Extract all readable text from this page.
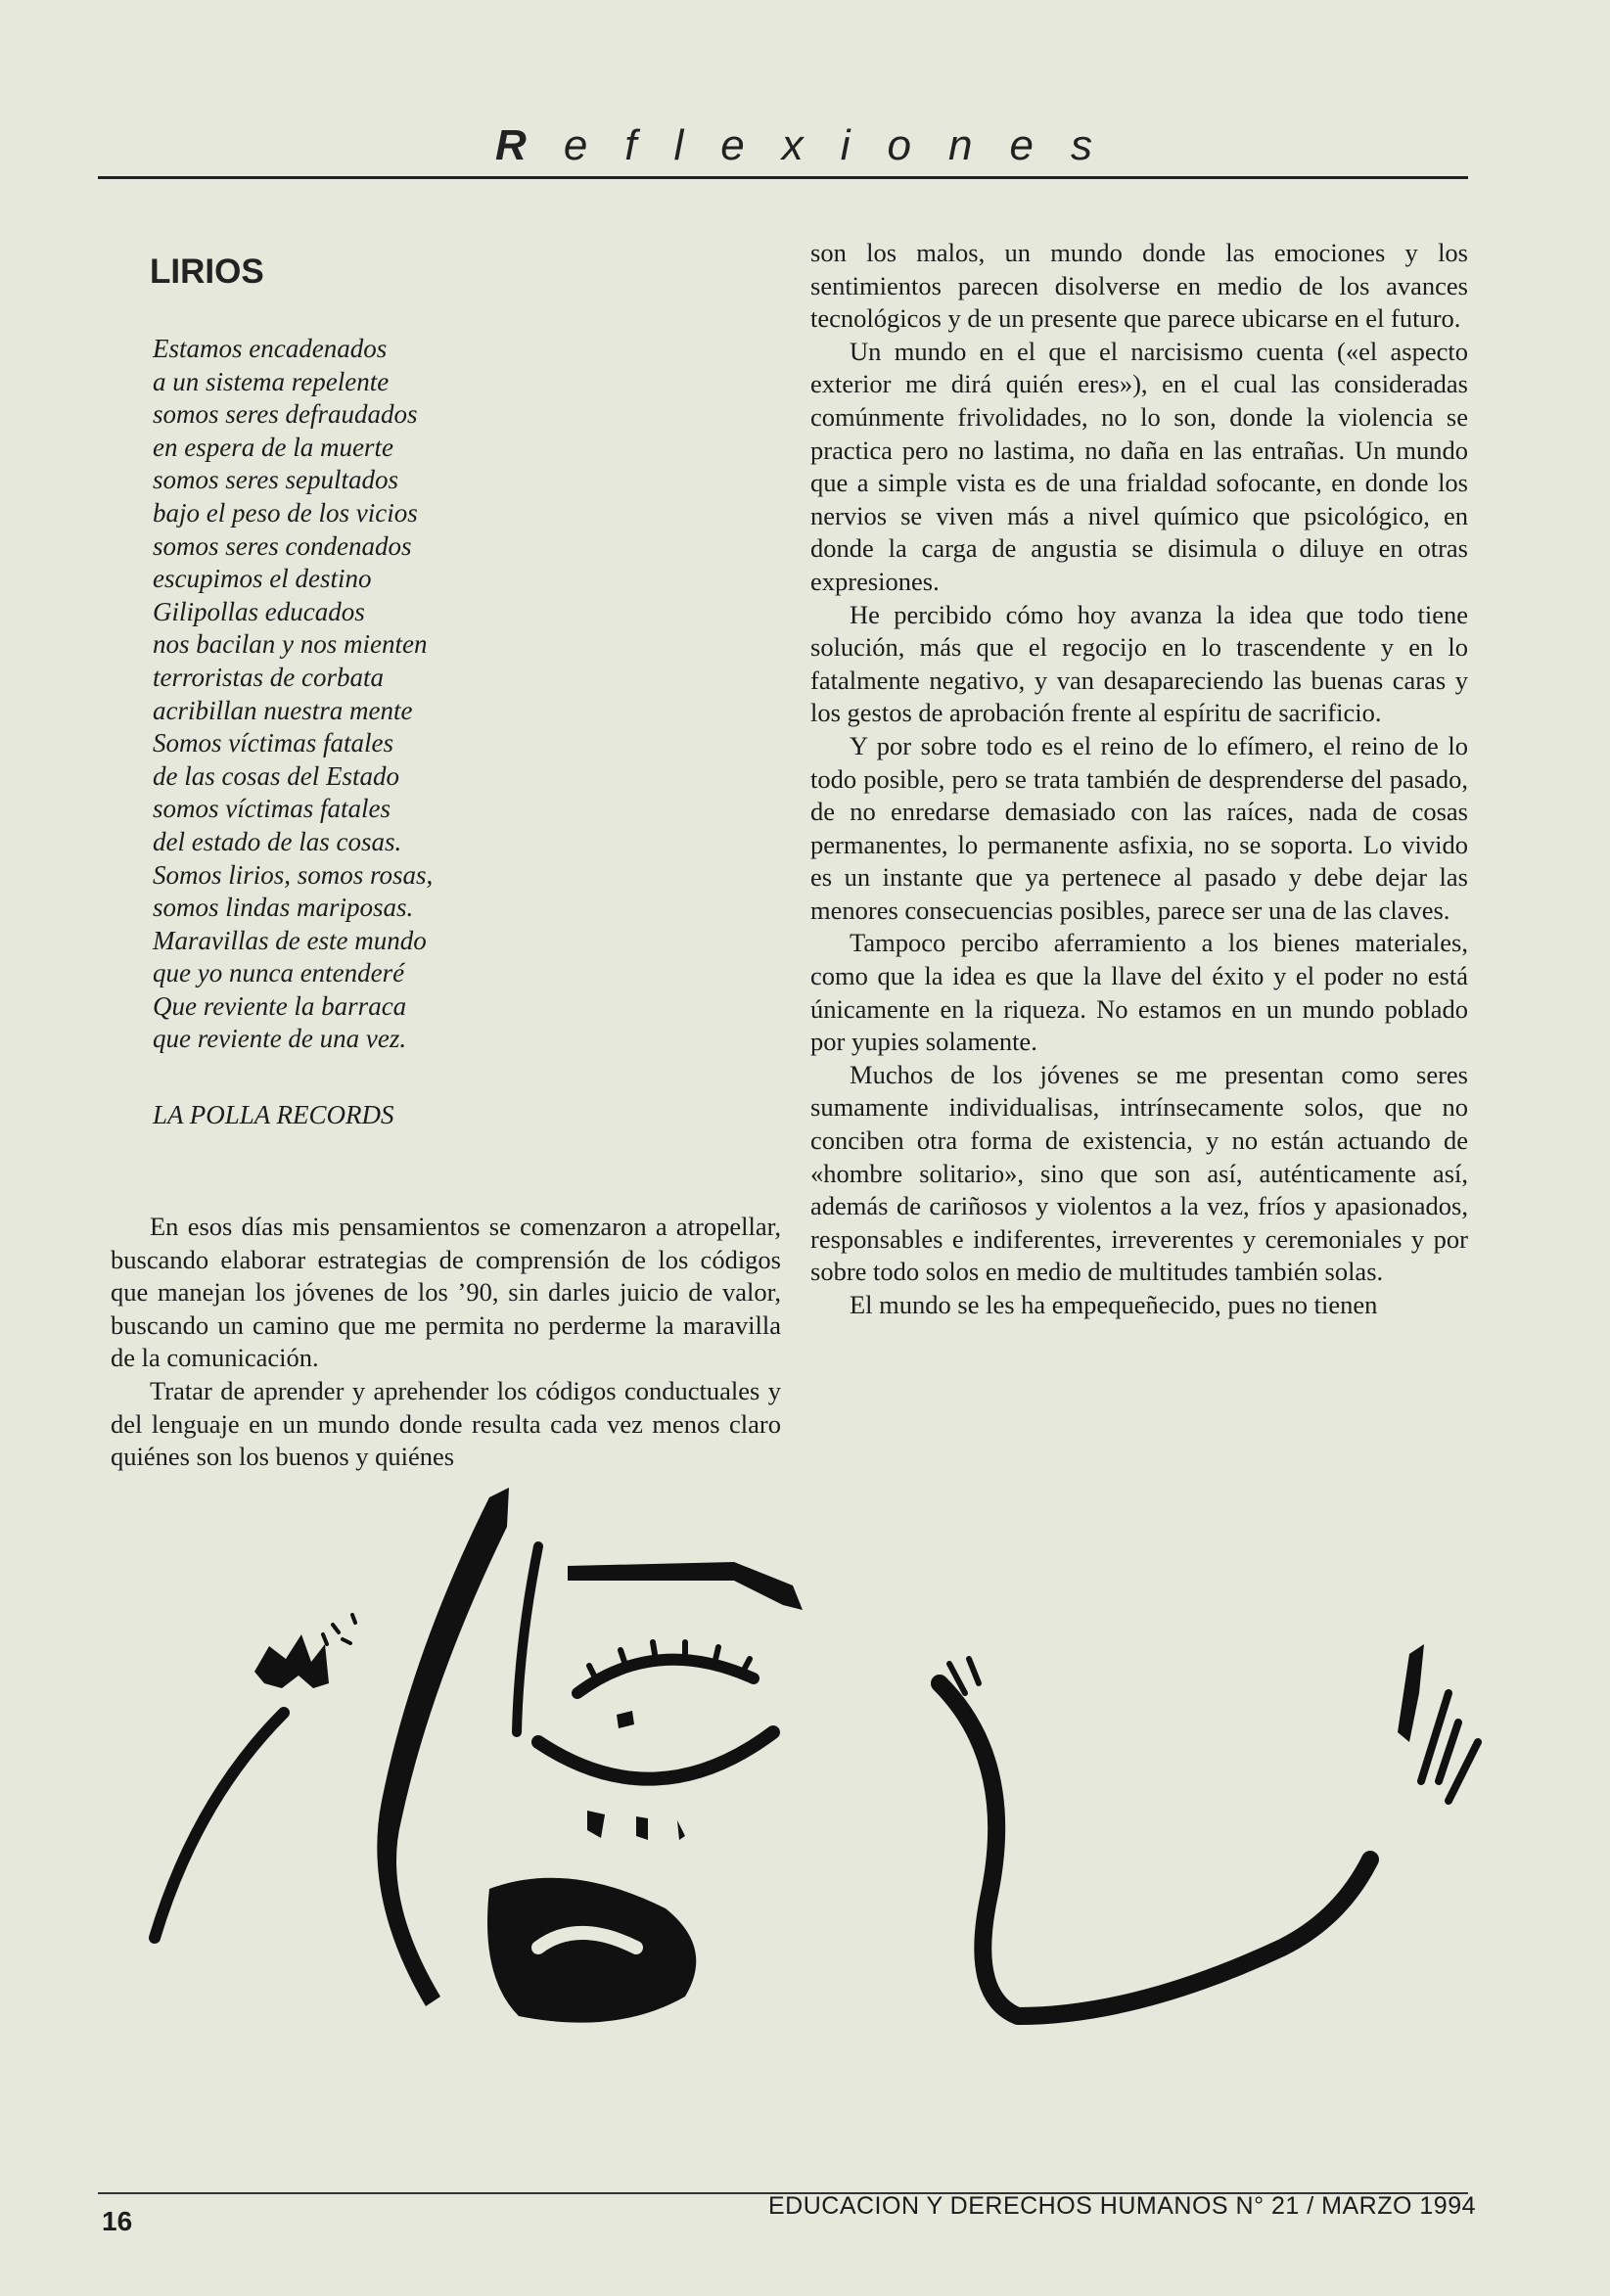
Reflexiones
LIRIOS
Estamos encadenados
a un sistema repelente
somos seres defraudados
en espera de la muerte
somos seres sepultados
bajo el peso de los vicios
somos seres condenados
escupimos el destino
Gilipollas educados
nos bacilan y nos mienten
terroristas de corbata
acribillan nuestra mente
Somos víctimas fatales
de las cosas del Estado
somos víctimas fatales
del estado de las cosas.
Somos lirios, somos rosas,
somos lindas mariposas.
Maravillas de este mundo
que yo nunca entenderé
Que reviente la barraca
que reviente de una vez.
LA POLLA RECORDS

En esos días mis pensamientos se comenzaron a atropellar, buscando elaborar estrategias de comprensión de los códigos que manejan los jóvenes de los ’90, sin darles juicio de valor, buscando un camino que me permita no perderme la maravilla de la comunicación.

Tratar de aprender y aprehender los códigos conductuales y del lenguaje en un mundo donde resulta cada vez menos claro quiénes son los buenos y quiénes

son los malos, un mundo donde las emociones y los sentimientos parecen disolverse en medio de los avances tecnológicos y de un presente que parece ubicarse en el futuro.

Un mundo en el que el narcisismo cuenta («el aspecto exterior me dirá quién eres»), en el cual las consideradas comúnmente frivolidades, no lo son, donde la violencia se practica pero no lastima, no daña en las entrañas. Un mundo que a simple vista es de una frialdad sofocante, en donde los nervios se viven más a nivel químico que psicológico, en donde la carga de angustia se disimula o diluye en otras expresiones.

He percibido cómo hoy avanza la idea que todo tiene solución, más que el regocijo en lo trascendente y en lo fatalmente negativo, y van desapareciendo las buenas caras y los gestos de aprobación frente al espíritu de sacrificio.

Y por sobre todo es el reino de lo efímero, el reino de lo todo posible, pero se trata también de desprenderse del pasado, de no enredarse demasiado con las raíces, nada de cosas permanentes, lo permanente asfixia, no se soporta. Lo vivido es un instante que ya pertenece al pasado y debe dejar las menores consecuencias posibles, parece ser una de las claves.

Tampoco percibo aferramiento a los bienes materiales, como que la idea es que la llave del éxito y el poder no está únicamente en la riqueza. No estamos en un mundo poblado por yupies solamente.

Muchos de los jóvenes se me presentan como seres sumamente individualisas, intrínsecamente solos, que no conciben otra forma de existencia, y no están actuando de «hombre solitario», sino que son así, auténticamente así, además de cariñosos y violentos a la vez, fríos y apasionados, responsables e indiferentes, irreverentes y ceremoniales y por sobre todo solos en medio de multitudes también solas.

El mundo se les ha empequeñecido, pues no tienen

16	EDUCACION Y DERECHOS HUMANOS N° 21 / MARZO 1994
